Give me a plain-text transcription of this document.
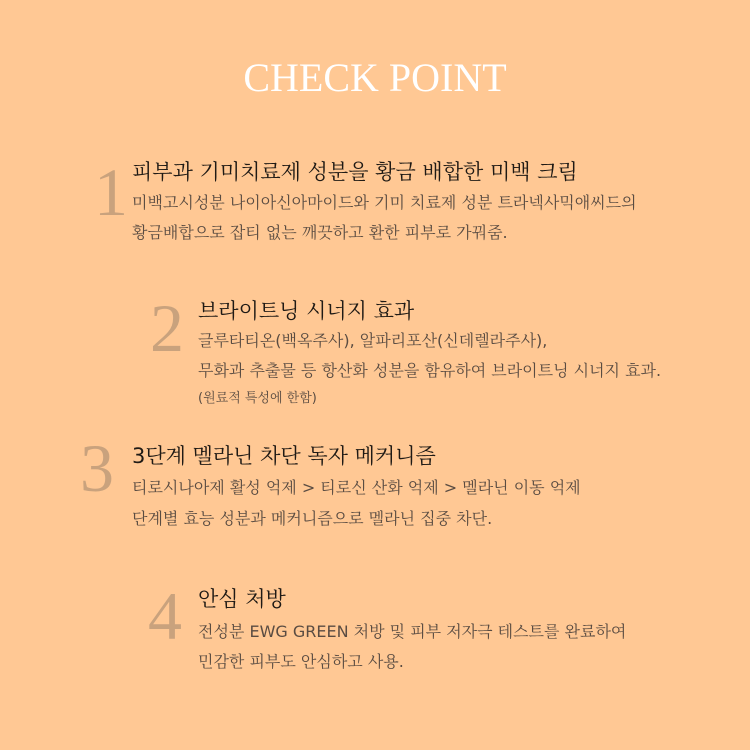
CHECK POINT
1 피부과 기미치료제 성분을 황금 배합한 미백 크림
미백고시성분 나이아신아마이드와 기미 치료제 성분 트라넥사믹애씨드의
황금배합으로 잡티 없는 깨끗하고 환한 피부로 가꿔줌.
2 브라이트닝 시너지 효과
글루타티온(백옥주사), 알파리포산(신데렐라주사),
무화과 추출물 등 항산화 성분을 함유하여 브라이트닝 시너지 효과.
(원료적 특성에 한함)
3 3단계 멜라닌 차단 독자 메커니즘
티로시나아제 활성 억제 > 티로신 산화 억제 > 멜라닌 이동 억제
단계별 효능 성분과 메커니즘으로 멜라닌 집중 차단.
4 안심 처방
전성분 EWG GREEN 처방 및 피부 저자극 테스트를 완료하여
민감한 피부도 안심하고 사용.
